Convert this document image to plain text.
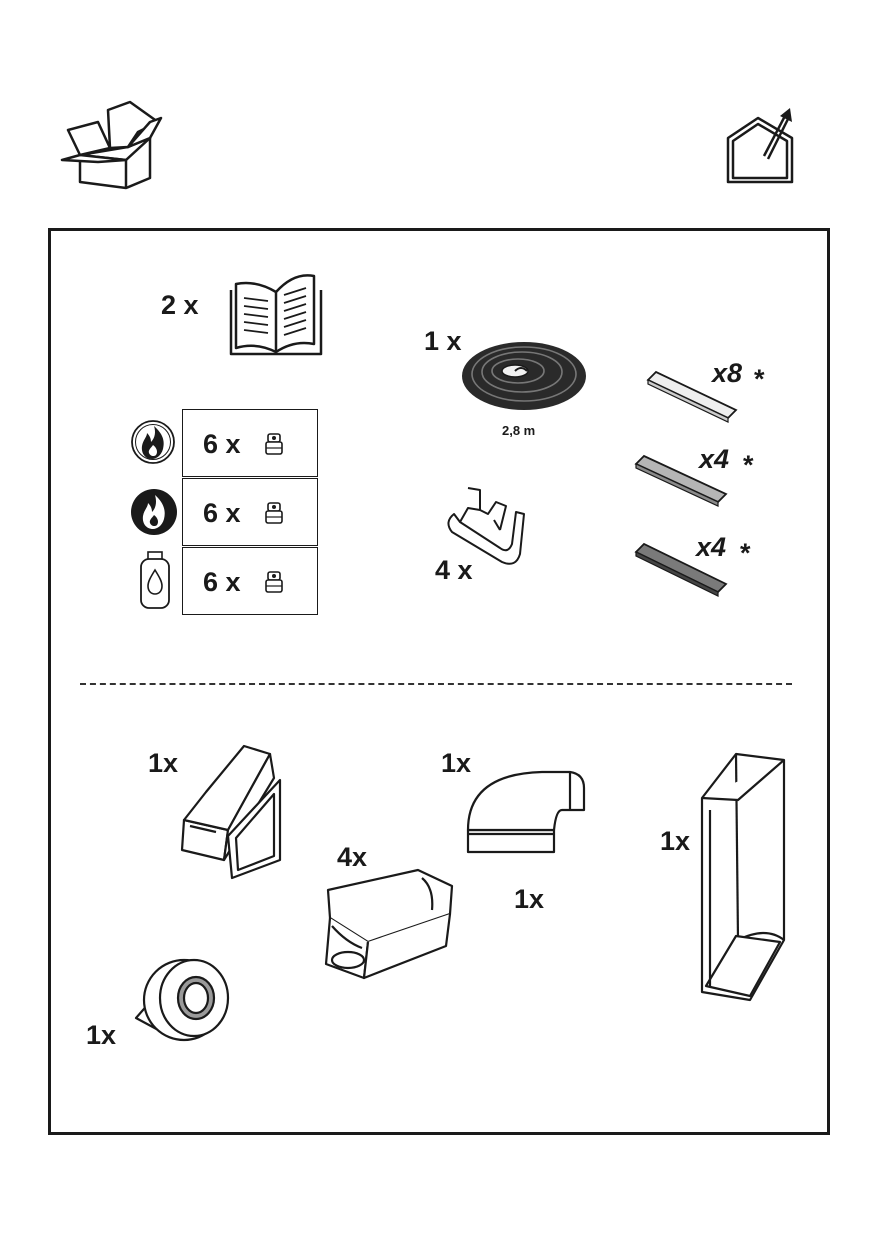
2 x
1 x
2,8 m
x8 *
x4 *
x4 *
6 x
6 x
6 x	4 x
1x	1x
1x
4x
1x
1x
